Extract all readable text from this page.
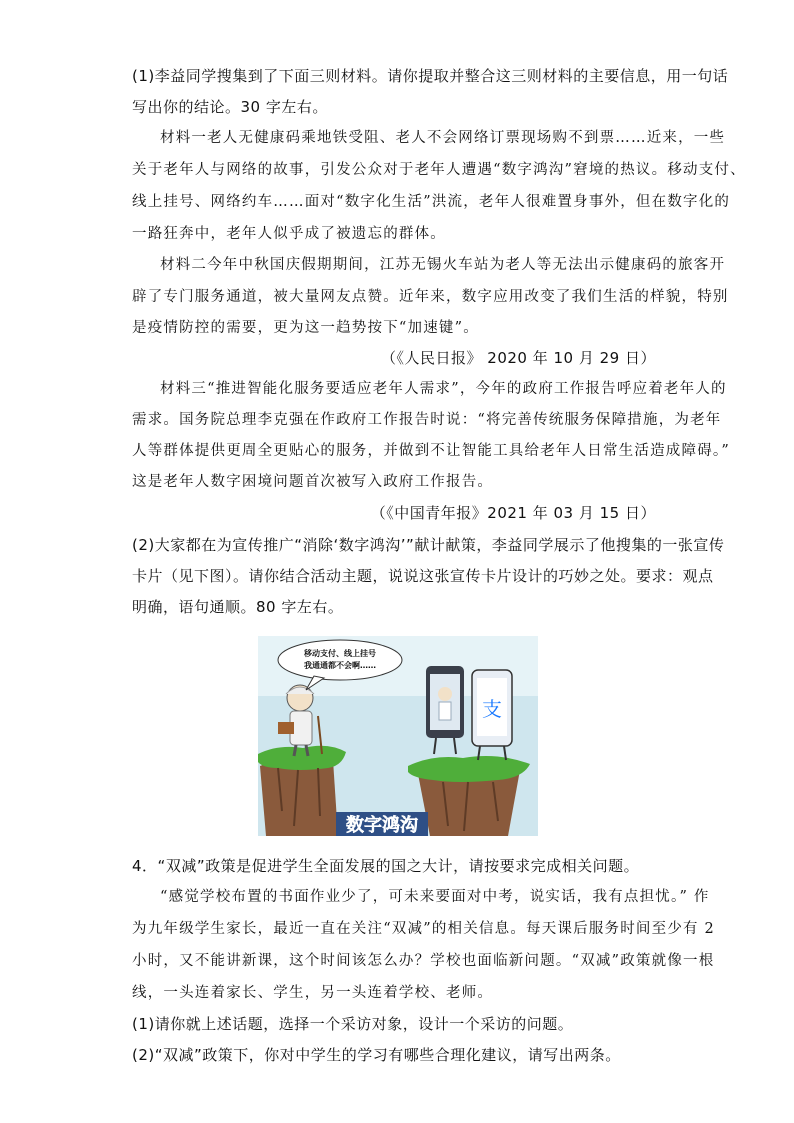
(1)李益同学搜集到了下面三则材料。请你提取并整合这三则材料的主要信息，用一句话
写出你的结论。30 字左右。
材料一老人无健康码乘地铁受阻、老人不会网络订票现场购不到票……近来，一些
关于老年人与网络的故事，引发公众对于老年人遭遇“数字鸿沟”窘境的热议。移动支付、
线上挂号、网络约车……面对“数字化生活”洪流，老年人很难置身事外，但在数字化的
一路狂奔中，老年人似乎成了被遗忘的群体。
材料二今年中秋国庆假期期间，江苏无锡火车站为老人等无法出示健康码的旅客开
辟了专门服务通道，被大量网友点赞。近年来，数字应用改变了我们生活的样貌，特别
是疫情防控的需要，更为这一趋势按下“加速键”。
（《人民日报》 2020 年 10 月 29 日）
材料三“推进智能化服务要适应老年人需求”，今年的政府工作报告呼应着老年人的
需求。国务院总理李克强在作政府工作报告时说：“将完善传统服务保障措施，为老年
人等群体提供更周全更贴心的服务，并做到不让智能工具给老年人日常生活造成障碍。”
这是老年人数字困境问题首次被写入政府工作报告。
（《中国青年报》2021 年 03 月 15 日）
(2)大家都在为宣传推广“消除‘数字鸿沟’”献计献策，李益同学展示了他搜集的一张宣传
卡片（见下图）。请你结合活动主题，说说这张宣传卡片设计的巧妙之处。要求：观点
明确，语句通顺。80 字左右。
移动支付、线上挂号
我通通都不会啊……
支
数字鸿沟
4．“双减”政策是促进学生全面发展的国之大计，请按要求完成相关问题。
“感觉学校布置的书面作业少了，可未来要面对中考，说实话，我有点担忧。” 作
为九年级学生家长，最近一直在关注“双减”的相关信息。每天课后服务时间至少有 2
小时，又不能讲新课，这个时间该怎么办？学校也面临新问题。“双减”政策就像一根
线，一头连着家长、学生，另一头连着学校、老师。
(1)请你就上述话题，选择一个采访对象，设计一个采访的问题。
(2)“双减”政策下，你对中学生的学习有哪些合理化建议，请写出两条。
